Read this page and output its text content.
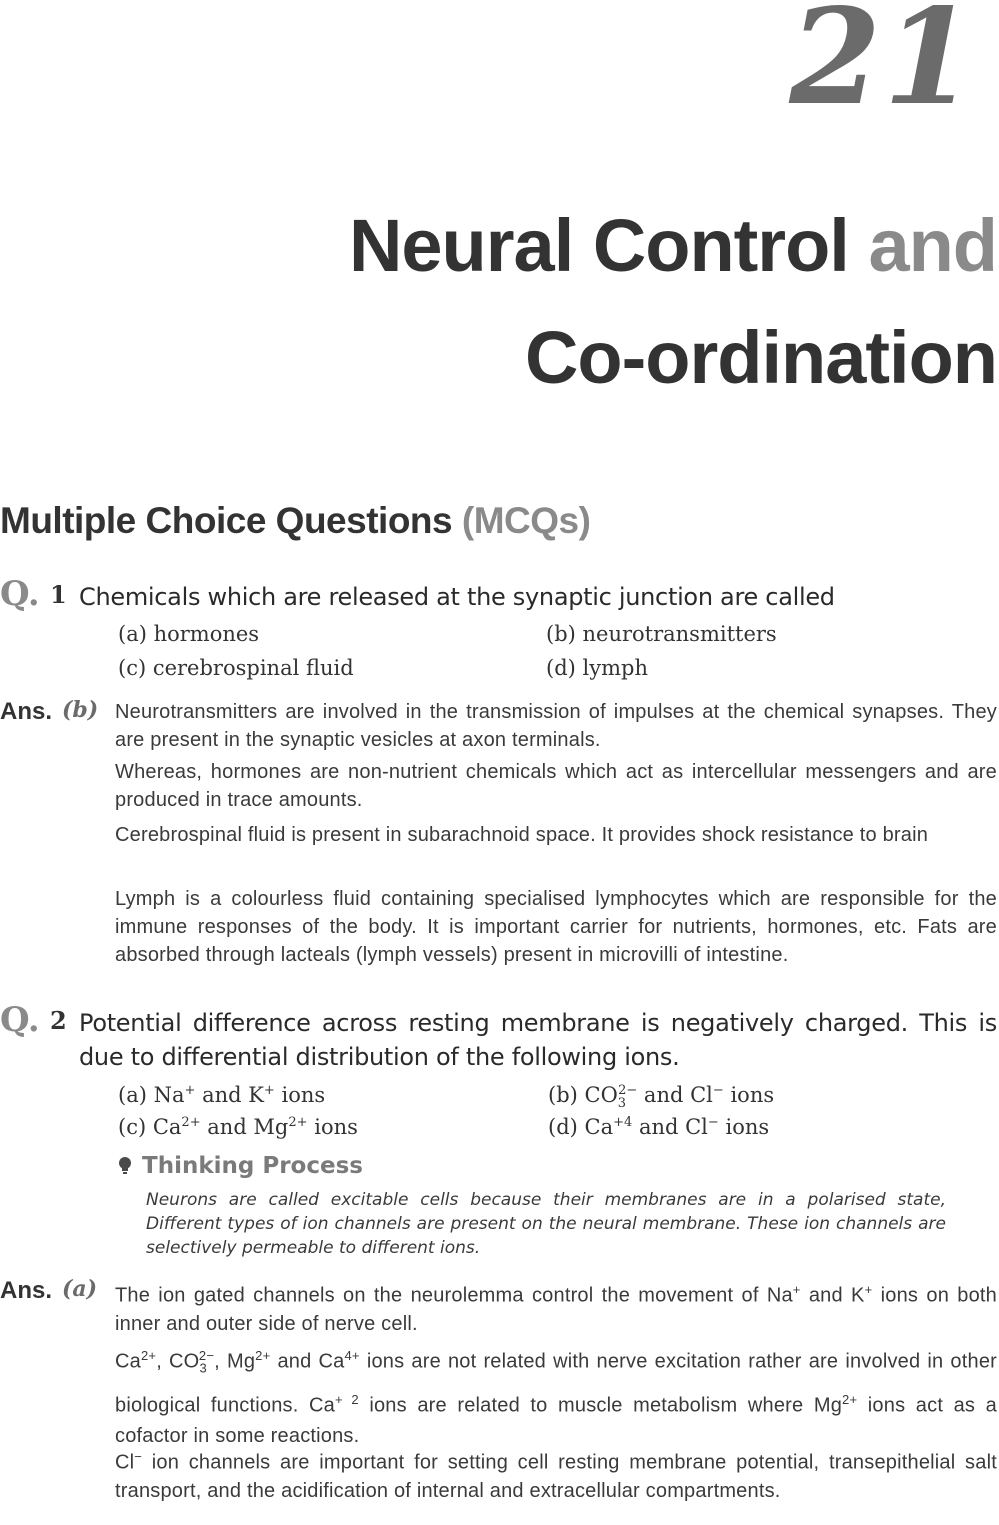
21
Neural Control and
Co-ordination
Multiple Choice Questions (MCQs)
Q. 1 Chemicals which are released at the synaptic junction are called
(a) hormones	(b) neurotransmitters
(c) cerebrospinal fluid	(d) lymph
Ans. (b) Neurotransmitters are involved in the transmission of impulses at the chemical synapses. They are present in the synaptic vesicles at axon terminals.
Whereas, hormones are non-nutrient chemicals which act as intercellular messengers and are produced in trace amounts.
Cerebrospinal fluid is present in subarachnoid space. It provides shock resistance to brain
Lymph is a colourless fluid containing specialised lymphocytes which are responsible for the immune responses of the body. It is important carrier for nutrients, hormones, etc. Fats are absorbed through lacteals (lymph vessels) present in microvilli of intestine.
Q. 2 Potential difference across resting membrane is negatively charged. This is due to differential distribution of the following ions.
(a) Na+ and K+ ions	(b) $CO_3^{2-}$ and Cl− ions
(c) $Ca^{2+}$ and $Mg^{2+}$ ions	(d) $Ca^{+4}$ and Cl− ions
Thinking Process
Neurons are called excitable cells because their membranes are in a polarised state, Different types of ion channels are present on the neural membrane. These ion channels are selectively permeable to different ions.
Ans. (a) The ion gated channels on the neurolemma control the movement of Na+ and K+ ions on both inner and outer side of nerve cell.
$Ca^{2+}$, $CO_3^{2-}$, $Mg^{2+}$ and $Ca^{4+}$ ions are not related with nerve excitation rather are involved in other biological functions. $Ca^{+ 2}$ ions are related to muscle metabolism where $Mg^{2+}$ ions act as a cofactor in some reactions.
Cl− ion channels are important for setting cell resting membrane potential, transepithelial salt transport, and the acidification of internal and extracellular compartments.
